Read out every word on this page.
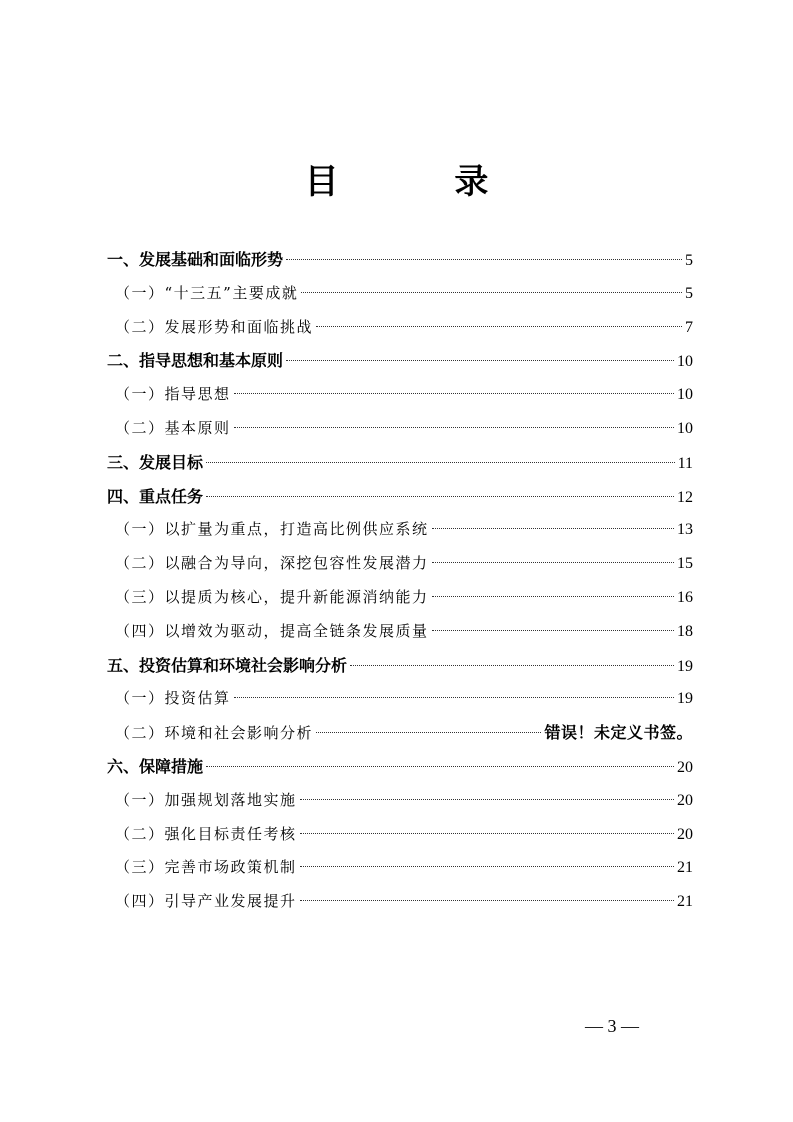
目 录
一、发展基础和面临形势	5
（一）“十三五”主要成就	5
（二）发展形势和面临挑战	7
二、指导思想和基本原则	10
（一）指导思想	10
（二）基本原则	10
三、发展目标	11
四、重点任务	12
（一）以扩量为重点，打造高比例供应系统	13
（二）以融合为导向，深挖包容性发展潜力	15
（三）以提质为核心，提升新能源消纳能力	16
（四）以增效为驱动，提高全链条发展质量	18
五、投资估算和环境社会影响分析	19
（一）投资估算	19
（二）环境和社会影响分析	错误！未定义书签。
六、保障措施	20
（一）加强规划落地实施	20
（二）强化目标责任考核	20
（三）完善市场政策机制	21
（四）引导产业发展提升	21
— 3 —
